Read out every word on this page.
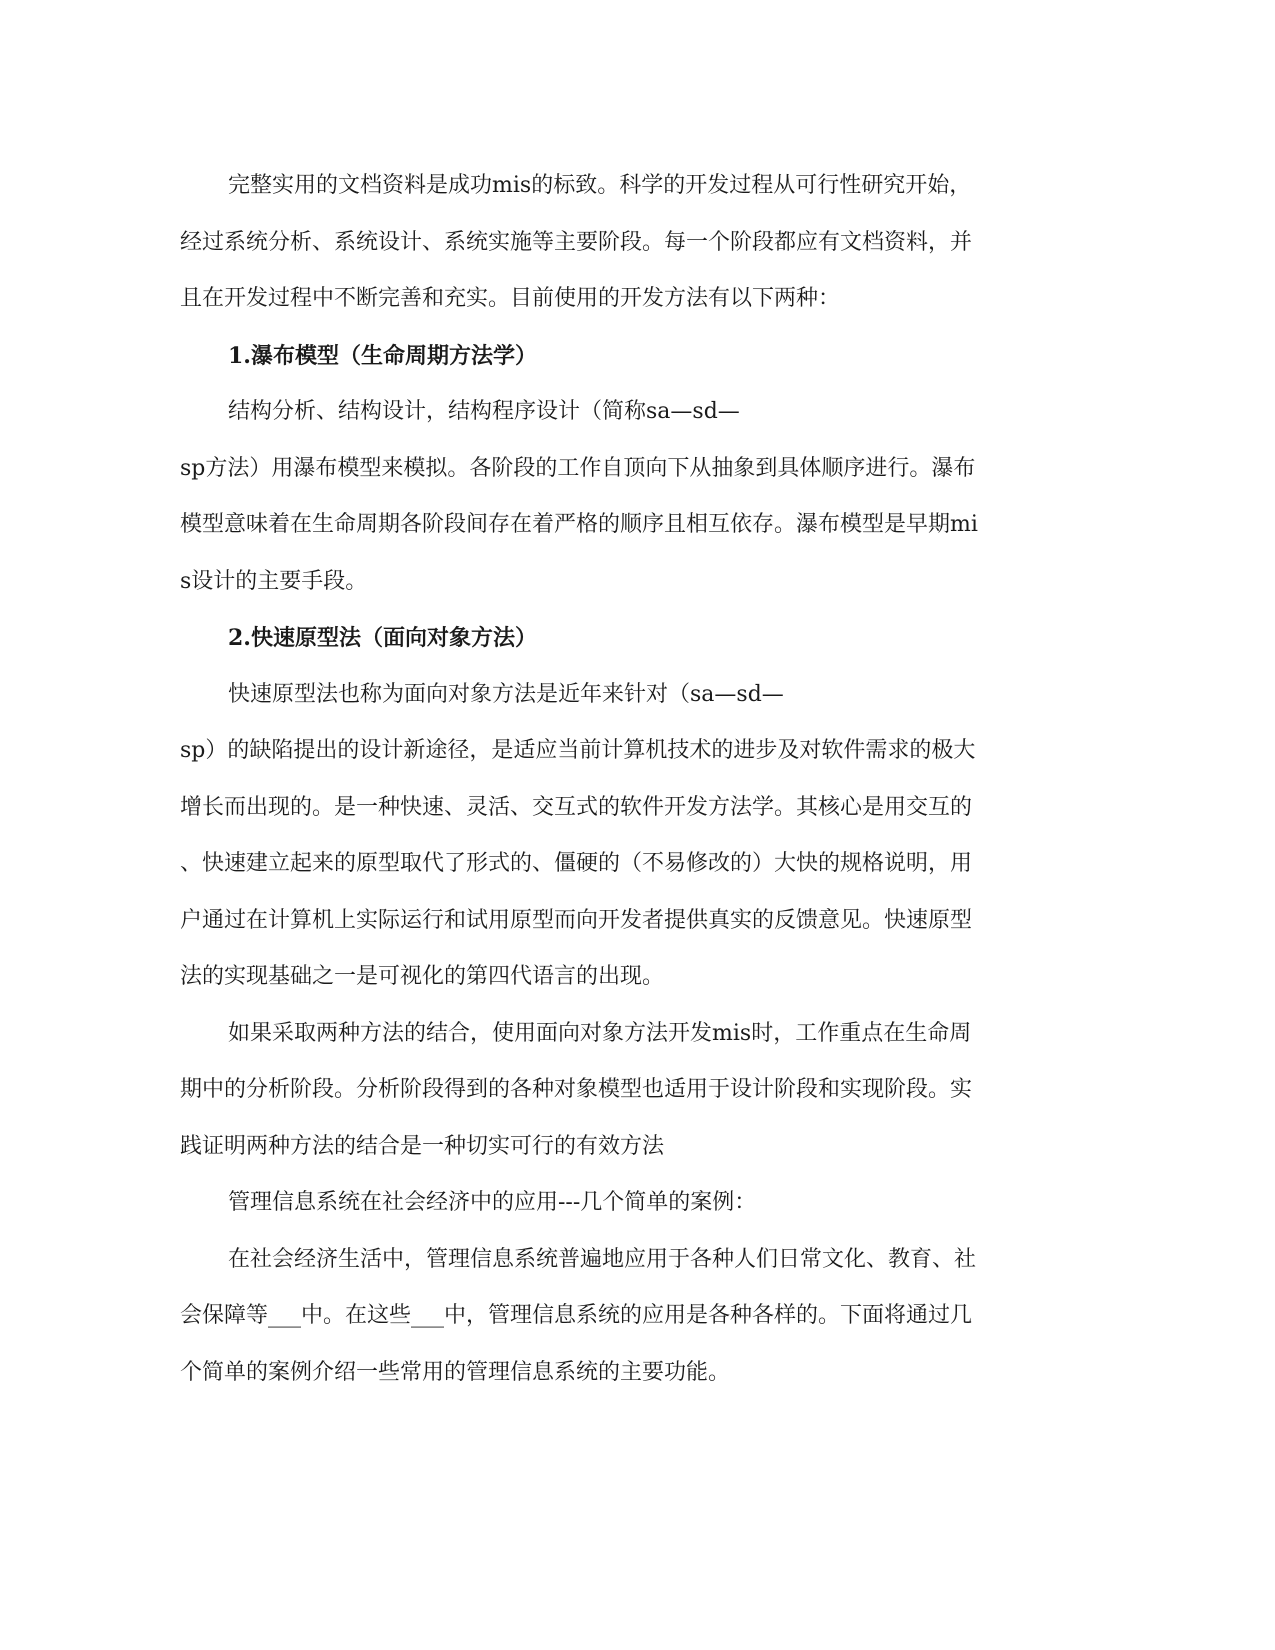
完整实用的文档资料是成功mis的标致。科学的开发过程从可行性研究开始，
经过系统分析、系统设计、系统实施等主要阶段。每一个阶段都应有文档资料，并
且在开发过程中不断完善和充实。目前使用的开发方法有以下两种：
1.瀑布模型（生命周期方法学）
结构分析、结构设计，结构程序设计（简称sa—sd—
sp方法）用瀑布模型来模拟。各阶段的工作自顶向下从抽象到具体顺序进行。瀑布
模型意味着在生命周期各阶段间存在着严格的顺序且相互依存。瀑布模型是早期mi
s设计的主要手段。
2.快速原型法（面向对象方法）
快速原型法也称为面向对象方法是近年来针对（sa—sd—
sp）的缺陷提出的设计新途径，是适应当前计算机技术的进步及对软件需求的极大
增长而出现的。是一种快速、灵活、交互式的软件开发方法学。其核心是用交互的
、快速建立起来的原型取代了形式的、僵硬的（不易修改的）大快的规格说明，用
户通过在计算机上实际运行和试用原型而向开发者提供真实的反馈意见。快速原型
法的实现基础之一是可视化的第四代语言的出现。
如果采取两种方法的结合，使用面向对象方法开发mis时，工作重点在生命周
期中的分析阶段。分析阶段得到的各种对象模型也适用于设计阶段和实现阶段。实
践证明两种方法的结合是一种切实可行的有效方法
管理信息系统在社会经济中的应用---几个简单的案例：
在社会经济生活中，管理信息系统普遍地应用于各种人们日常文化、教育、社
会保障等___中。在这些___中，管理信息系统的应用是各种各样的。下面将通过几
个简单的案例介绍一些常用的管理信息系统的主要功能。
